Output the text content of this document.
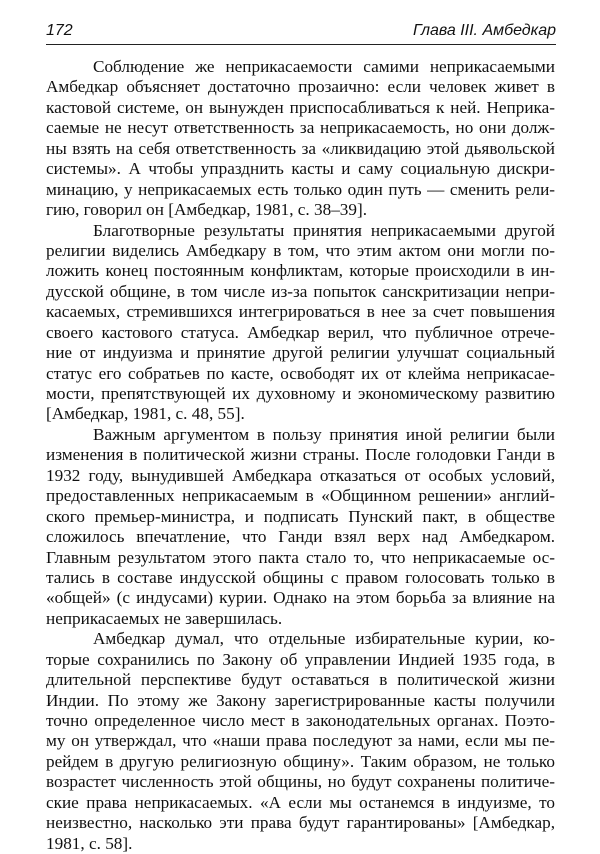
172	Глава III. Амбедкар
Соблюдение же неприкасаемости самими неприкасаемыми
Амбедкар объясняет достаточно прозаично: если человек живет в
кастовой системе, он вынужден приспосабливаться к ней. Неприка-
саемые не несут ответственность за неприкасаемость, но они долж-
ны взять на себя ответственность за «ликвидацию этой дьявольской
системы». А чтобы упразднить касты и саму социальную дискри-
минацию, у неприкасаемых есть только один путь — сменить рели-
гию, говорил он [Амбедкар, 1981, с. 38–39].
Благотворные результаты принятия неприкасаемыми другой
религии виделись Амбедкару в том, что этим актом они могли по-
ложить конец постоянным конфликтам, которые происходили в ин-
дусской общине, в том числе из-за попыток санскритизации непри-
касаемых, стремившихся интегрироваться в нее за счет повышения
своего кастового статуса. Амбедкар верил, что публичное отрече-
ние от индуизма и принятие другой религии улучшат социальный
статус его собратьев по касте, освободят их от клейма неприкасае-
мости, препятствующей их духовному и экономическому развитию
[Амбедкар, 1981, с. 48, 55].
Важным аргументом в пользу принятия иной религии были
изменения в политической жизни страны. После голодовки Ганди в
1932 году, вынудившей Амбедкара отказаться от особых условий,
предоставленных неприкасаемым в «Общинном решении» англий-
ского премьер-министра, и подписать Пунский пакт, в обществе
сложилось впечатление, что Ганди взял верх над Амбедкаром.
Главным результатом этого пакта стало то, что неприкасаемые ос-
тались в составе индусской общины с правом голосовать только в
«общей» (с индусами) курии. Однако на этом борьба за влияние на
неприкасаемых не завершилась.
Амбедкар думал, что отдельные избирательные курии, ко-
торые сохранились по Закону об управлении Индией 1935 года, в
длительной перспективе будут оставаться в политической жизни
Индии. По этому же Закону зарегистрированные касты получили
точно определенное число мест в законодательных органах. Поэто-
му он утверждал, что «наши права последуют за нами, если мы пе-
рейдем в другую религиозную общину». Таким образом, не только
возрастет численность этой общины, но будут сохранены политиче-
ские права неприкасаемых. «А если мы останемся в индуизме, то
неизвестно, насколько эти права будут гарантированы» [Амбедкар,
1981, с. 58].
